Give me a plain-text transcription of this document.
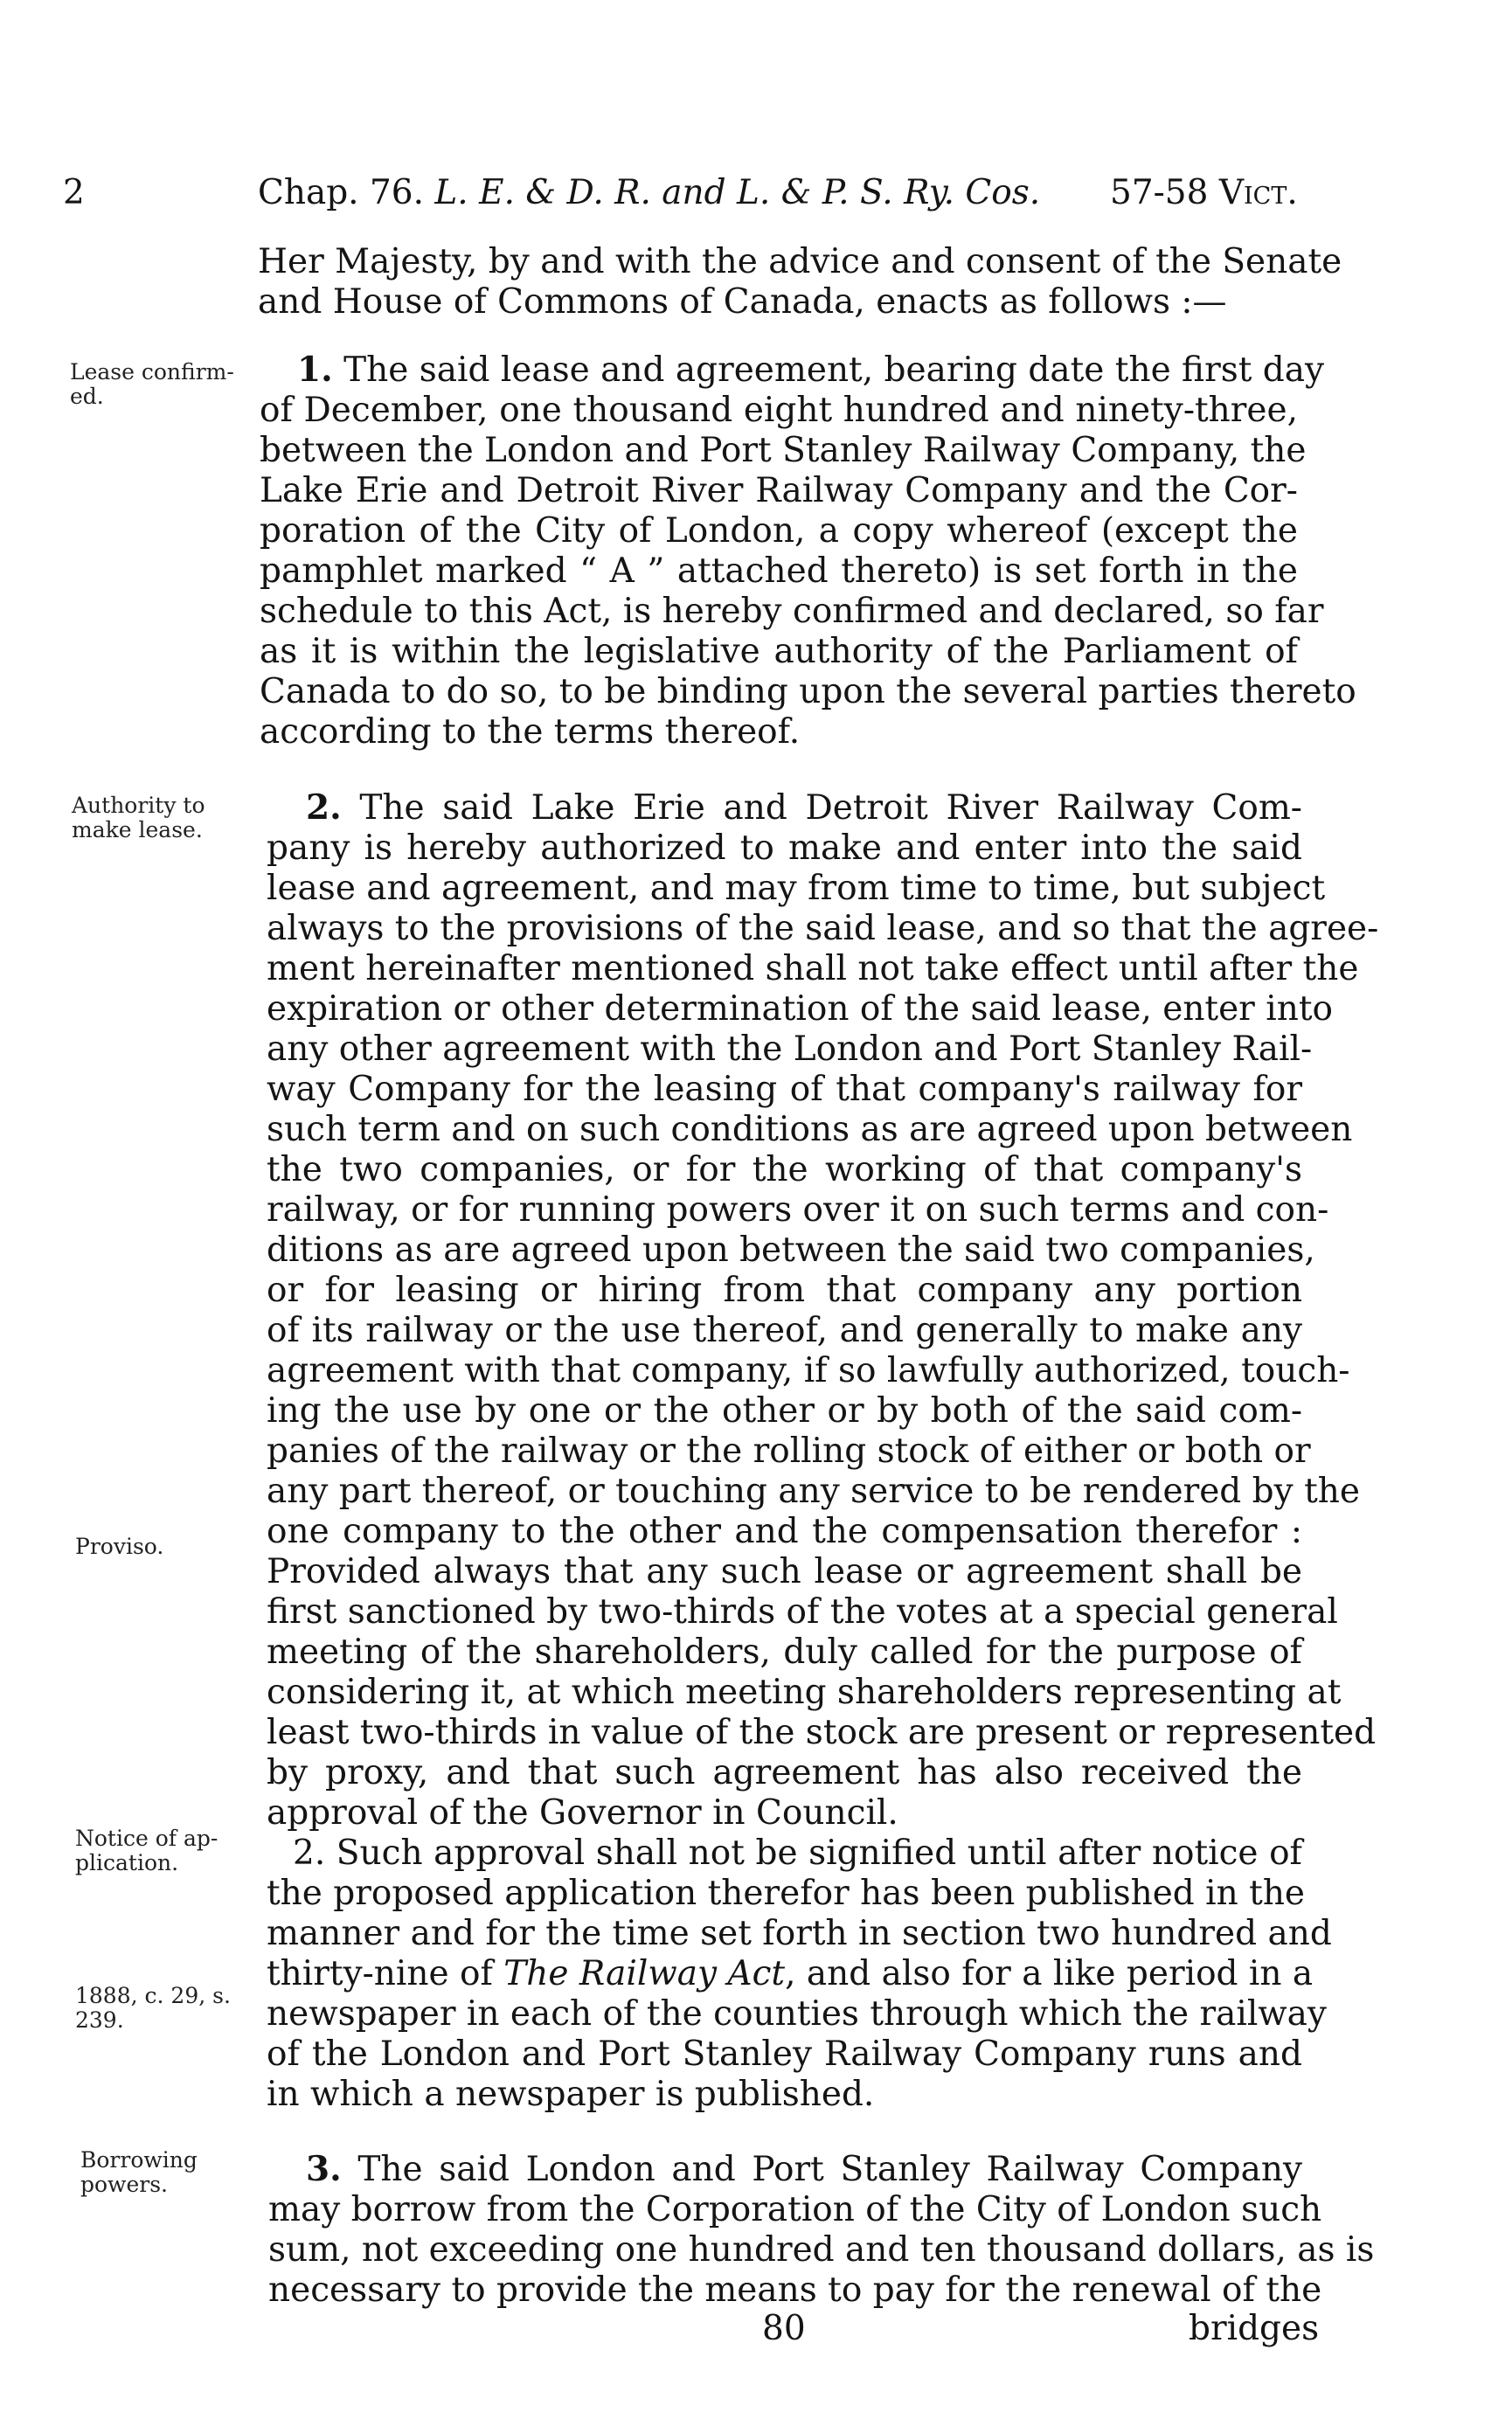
2	Chap. 76. L. E. & D. R. and L. & P. S. Ry. Cos. 57-58 Vict.
Her Majesty, by and with the advice and consent of the Senate
and House of Commons of Canada, enacts as follows :—
Lease confirm-
ed.
Authority to
make lease.
Proviso.
Notice of ap-
plication.
1888, c. 29, s.
239.
Borrowing
powers.
1. The said lease and agreement, bearing date the first day
of December, one thousand eight hundred and ninety-three,
between the London and Port Stanley Railway Company, the
Lake Erie and Detroit River Railway Company and the Cor-
poration of the City of London, a copy whereof (except the
pamphlet marked “ A ” attached thereto) is set forth in the
schedule to this Act, is hereby confirmed and declared, so far
as it is within the legislative authority of the Parliament of
Canada to do so, to be binding upon the several parties thereto
according to the terms thereof.
2. The said Lake Erie and Detroit River Railway Com-
pany is hereby authorized to make and enter into the said
lease and agreement, and may from time to time, but subject
always to the provisions of the said lease, and so that the agree-
ment hereinafter mentioned shall not take effect until after the
expiration or other determination of the said lease, enter into
any other agreement with the London and Port Stanley Rail-
way Company for the leasing of that company's railway for
such term and on such conditions as are agreed upon between
the two companies, or for the working of that company's
railway, or for running powers over it on such terms and con-
ditions as are agreed upon between the said two companies,
or for leasing or hiring from that company any portion
of its railway or the use thereof, and generally to make any
agreement with that company, if so lawfully authorized, touch-
ing the use by one or the other or by both of the said com-
panies of the railway or the rolling stock of either or both or
any part thereof, or touching any service to be rendered by the
one company to the other and the compensation therefor :
Provided always that any such lease or agreement shall be
first sanctioned by two-thirds of the votes at a special general
meeting of the shareholders, duly called for the purpose of
considering it, at which meeting shareholders representing at
least two-thirds in value of the stock are present or represented
by proxy, and that such agreement has also received the
approval of the Governor in Council.
2. Such approval shall not be signified until after notice of
the proposed application therefor has been published in the
manner and for the time set forth in section two hundred and
thirty-nine of The Railway Act, and also for a like period in a
newspaper in each of the counties through which the railway
of the London and Port Stanley Railway Company runs and
in which a newspaper is published.
3. The said London and Port Stanley Railway Company
may borrow from the Corporation of the City of London such
sum, not exceeding one hundred and ten thousand dollars, as is
necessary to provide the means to pay for the renewal of the
80	bridges
